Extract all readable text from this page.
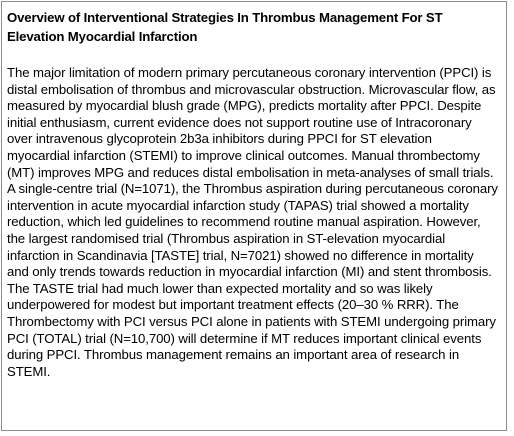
Overview of Interventional Strategies In Thrombus Management For ST Elevation Myocardial Infarction

The major limitation of modern primary percutaneous coronary intervention (PPCI) is distal embolisation of thrombus and microvascular obstruction. Microvascular flow, as measured by myocardial blush grade (MPG), predicts mortality after PPCI. Despite initial enthusiasm, current evidence does not support routine use of Intracoronary over intravenous glycoprotein 2b3a inhibitors during PPCI for ST elevation myocardial infarction (STEMI) to improve clinical outcomes. Manual thrombectomy (MT) improves MPG and reduces distal embolisation in meta-analyses of small trials. A single-centre trial (N=1071), the Thrombus aspiration during percutaneous coronary intervention in acute myocardial infarction study (TAPAS) trial showed a mortality reduction, which led guidelines to recommend routine manual aspiration. However, the largest randomised trial (Thrombus aspiration in ST-elevation myocardial infarction in Scandinavia [TASTE] trial, N=7021) showed no difference in mortality and only trends towards reduction in myocardial infarction (MI) and stent thrombosis. The TASTE trial had much lower than expected mortality and so was likely underpowered for modest but important treatment effects (20–30 % RRR). The Thrombectomy with PCI versus PCI alone in patients with STEMI undergoing primary PCI (TOTAL) trial (N=10,700) will determine if MT reduces important clinical events during PPCI. Thrombus management remains an important area of research in STEMI.
